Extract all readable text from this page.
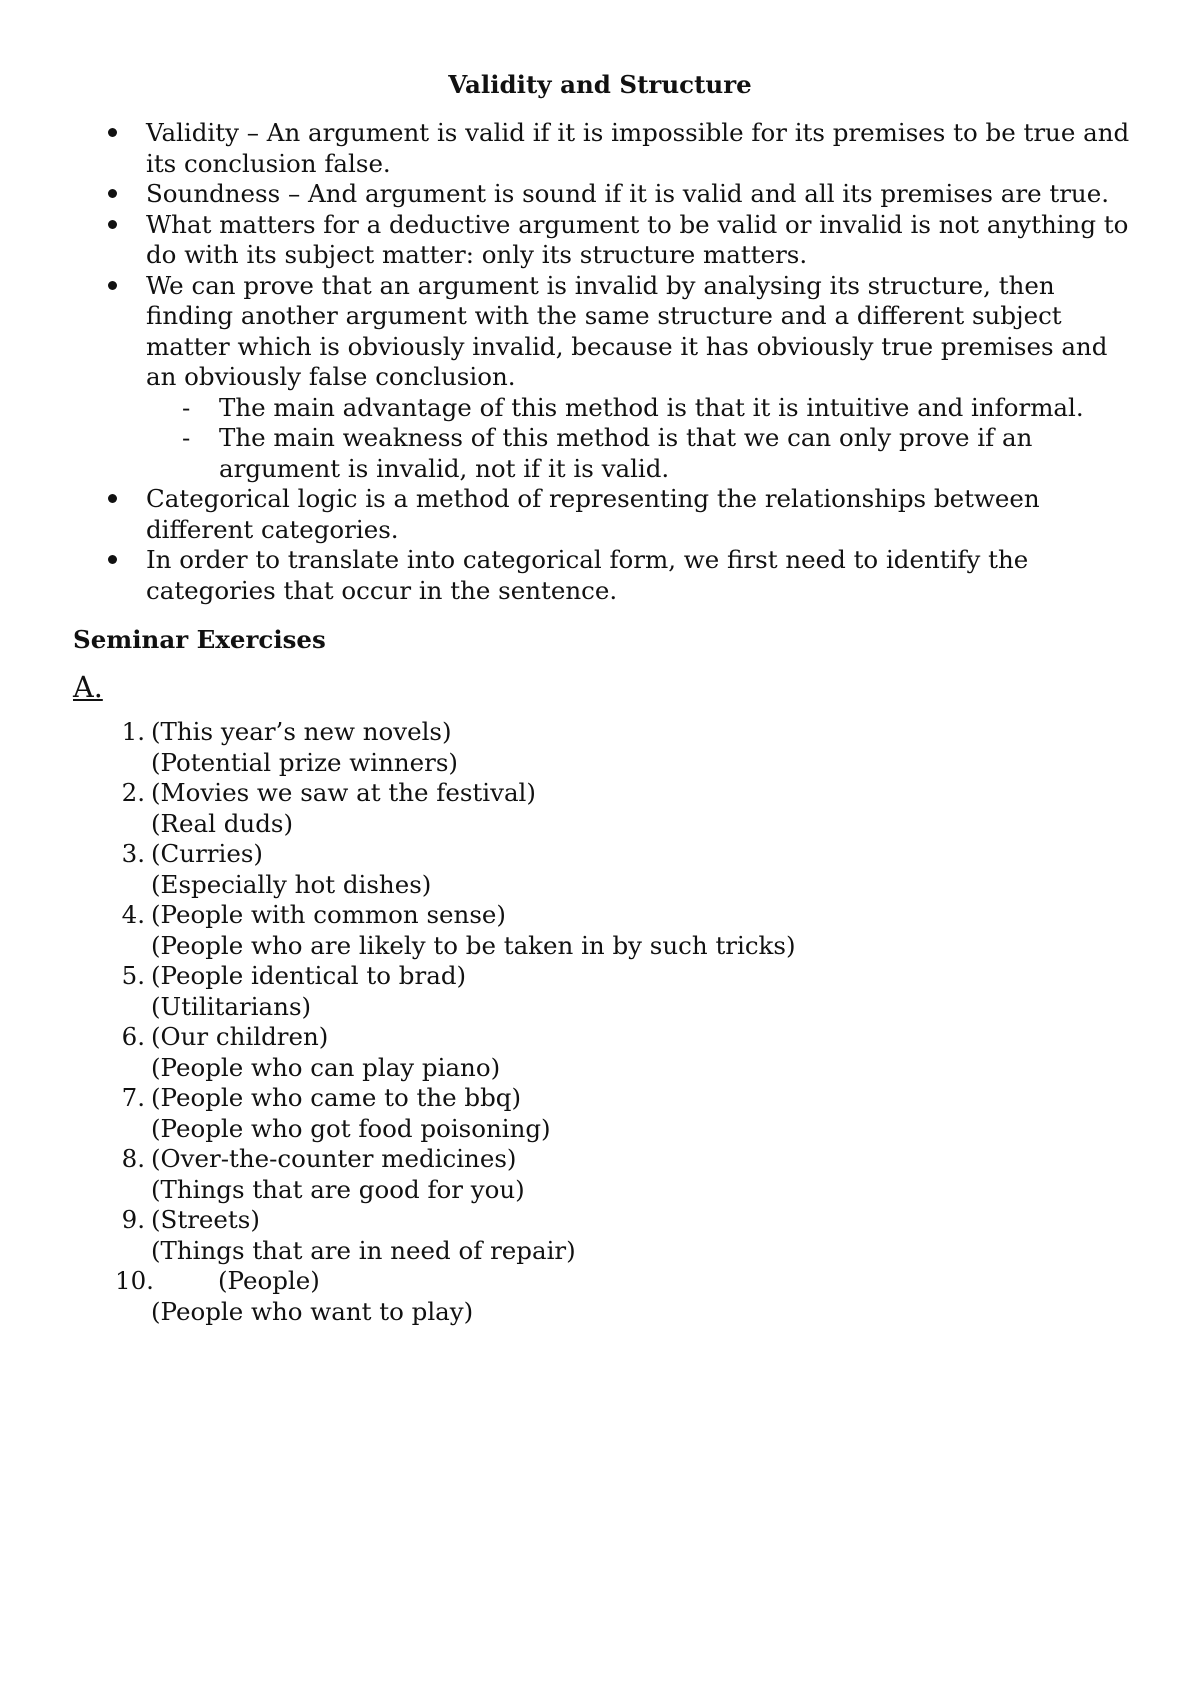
Validity and Structure
Validity – An argument is valid if it is impossible for its premises to be true and its conclusion false.
Soundness – And argument is sound if it is valid and all its premises are true.
What matters for a deductive argument to be valid or invalid is not anything to do with its subject matter: only its structure matters.
We can prove that an argument is invalid by analysing its structure, then finding another argument with the same structure and a different subject matter which is obviously invalid, because it has obviously true premises and an obviously false conclusion.
- The main advantage of this method is that it is intuitive and informal.
- The main weakness of this method is that we can only prove if an argument is invalid, not if it is valid.
Categorical logic is a method of representing the relationships between different categories.
In order to translate into categorical form, we first need to identify the categories that occur in the sentence.
Seminar Exercises
A.
1. (This year’s new novels)
(Potential prize winners)
2. (Movies we saw at the festival)
(Real duds)
3. (Curries)
(Especially hot dishes)
4. (People with common sense)
(People who are likely to be taken in by such tricks)
5. (People identical to brad)
(Utilitarians)
6. (Our children)
(People who can play piano)
7. (People who came to the bbq)
(People who got food poisoning)
8. (Over-the-counter medicines)
(Things that are good for you)
9. (Streets)
(Things that are in need of repair)
10.	(People)
(People who want to play)
